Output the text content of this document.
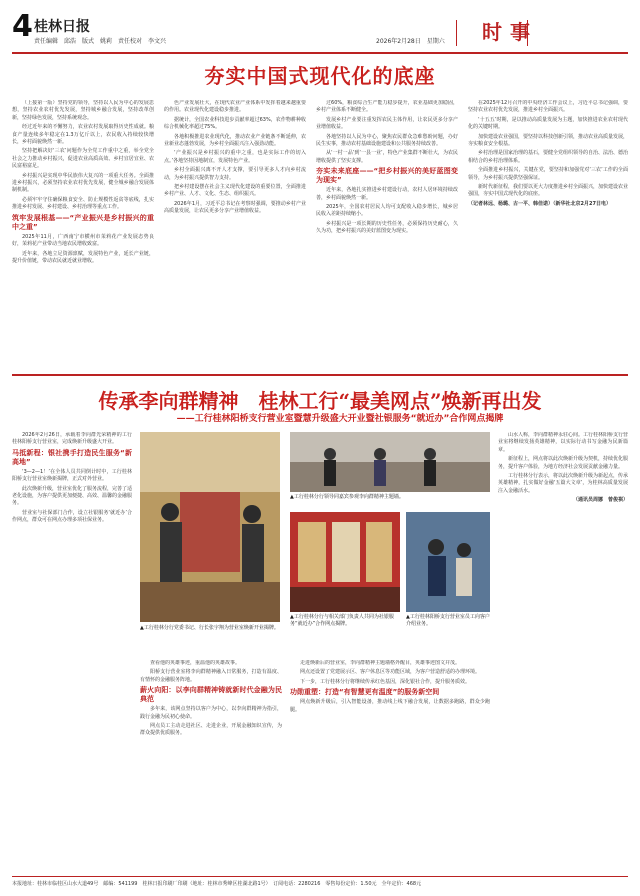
4 桂林日报
责任编辑　邱浩　版式　姚莉　责任校对　李文兴	2026年2月28日　星期六 时事
夯实中国式现代化的底座

（上接第一版）坚持党的领导，坚持以人民为中心的发展思想，坚持农业农村优先发展，坚持城乡融合发展，坚持改革创新，坚持绿色发展，坚持系统观念。

经过近年来的不懈努力，农业农村发展取得历史性成就。粮食产量连续多年稳定在1.3万亿斤以上，农民收入持续较快增长，乡村面貌焕然一新。

坚持把解决好‘三农’问题作为全党工作重中之重，举全党全社会之力推动乡村振兴，促进农业高质高效、乡村宜居宜业、农民富裕富足。

乡村振兴是实现中华民族伟大复兴的一项重大任务。全面推进乡村振兴，必须坚持农业农村优先发展，健全城乡融合发展体制机制。

必须牢牢守住确保粮食安全、防止规模性返贫等底线，扎实推进乡村发展、乡村建设、乡村治理等重点工作。

筑牢发展根基——“产业振兴是乡村振兴的重中之重”

2025年11月，广西南宁市横州市茉莉花产业发展态势良好，茉莉花产业带动当地农民增收致富。

近年来，各地立足资源禀赋，发展特色产业，延长产业链，提升价值链，带动农民就近就业增收。

色产业发展壮大，在现代农业产业体系中发挥着越来越重要的作用。农业现代化建设稳步推进。

据统计，全国农业科技进步贡献率超过63%，农作物耕种收综合机械化率超过75%。

各地积极推进农业现代化，推动农业产业链条不断延伸，农业新业态蓬勃发展，为乡村全面振兴注入强劲动能。

‘产业振兴是乡村振兴的重中之重，也是实际工作的切入点。’各地坚持因地制宜，发展特色产业。

乡村全面振兴离不开人才支撑，要引导更多人才向乡村流动，为乡村振兴提供智力支持。

把乡村建设摆在社会主义现代化建设的重要位置，全面推进乡村产业、人才、文化、生态、组织振兴。

2026年1月，习近平总书记在考察时强调，要推动乡村产业高质量发展，让农民更多分享产业增值收益。

过60%，粮食综合生产能力稳步提升，农业基础更加稳固，乡村产业体系不断健全。

发展乡村产业要注重发挥农民主体作用，让农民更多分享产业增值收益。

各地坚持以人民为中心，聚焦农民群众急难愁盼问题，办好民生实事，推动农村基础设施建设和公共服务持续改善。

从‘一村一品’到‘一县一业’，特色产业集群不断壮大，为农民增收提供了坚实支撑。

夯实未来底座——“把乡村振兴的美好蓝图变为现实”

近年来，各地扎实推进乡村建设行动，农村人居环境持续改善，乡村面貌焕然一新。

2025年，全国农村居民人均可支配收入稳步增长，城乡居民收入差距持续缩小。

乡村振兴是一项长期的历史性任务，必须保持历史耐心，久久为功，把乡村振兴的美好蓝图变为现实。

在2025年12月召开的中央经济工作会议上，习近平总书记强调，要坚持农业农村优先发展，推进乡村全面振兴。

‘十五五’时期，是以推动高质量发展为主题，加快推进农业农村现代化的关键时期。

加快建设农业强国，要坚持以科技创新引领，推动农业高质量发展，夯实粮食安全根基。

乡村治理是国家治理的基石，要健全党组织领导的自治、法治、德治相结合的乡村治理体系。

全面推进乡村振兴，关键在党，要坚持和加强党对‘三农’工作的全面领导，为乡村振兴提供坚强保证。

新时代新征程，我们要以更大力度推进乡村全面振兴，加快建设农业强国，夯实中国式现代化的底座。

（记者林远、杨璐、古一平、韩佳诺）（新华社北京2月27日电）

传承李向群精神　桂林工行“最美网点”焕新再出发
——工行桂林阳桥支行营业室暨慧升级盛大开业暨社银服务“就近办”合作网点揭牌

2026年2月26日，承载着李向群光荣精神的工行桂林阳桥支行营业室，完成焕新升级盛大开业。

马抵新程：银社携手打造民生服务“新高地”

‘3—2—1！’在全体人员共同倒计时中，工行桂林阳桥支行营业室焕新揭牌，正式对外营业。

此次焕新升级，营业室优化了服务流程，完善了适老化设施，为客户提供更加便捷、高效、温馨的金融服务。

营业室与社保部门合作，设立社银服务‘就近办’合作网点，群众可在网点办理多项社保业务。

▲工行桂林分行党委书记、行长张宇翔为营业室焕新开业揭牌。
▲工行桂林分行领导同嘉宾参观李向群精神主题墙。
▲工行桂林阳桥支行营业室员工向客户介绍业务。
▲工行桂林分行与相关部门负责人共同为社银服务“就近办”合作网点揭牌。

查看他的英雄事迹，重温他的英雄故事。

阳桥支行营业室将李向群精神融入日常服务，打造有温度、有情怀的金融服务阵地。

薪火向阳：以李向群精神铸就新时代金融为民典范

多年来，该网点坚持以客户为中心，以李向群精神为指引，践行金融为民初心使命。

网点员工主动走进社区、走进企业，开展金融知识宣传，为群众提供优质服务。

走进焕新后的营业室，李向群精神主题墙格外醒目，英雄事迹图文并茂。

网点还设置了党建展示区、客户休息区等功能区域，为客户营造舒适的办理环境。

下一步，工行桂林分行将继续传承红色基因，深化银社合作，提升服务质效。

功勋重塑：打造“有智慧更有温度”的服务新空间

网点焕新升级后，引入智能设备，推动线上线下融合发展，让数据多跑路，群众少跑腿。

山水人称，李向群精神永驻心间。工行桂林阳桥支行营业室将继续发扬英雄精神，以实际行动书写金融为民新篇章。

新征程上，网点将以此次焕新升级为契机，持续优化服务，提升客户体验，为地方经济社会发展贡献金融力量。

工行桂林分行表示，将以此次焕新升级为新起点，传承英雄精神，扎实做好金融‘五篇大文章’，为桂林高质量发展注入金融活水。

（通讯员周娜　曾俊祺）

本报地址：桂林市临桂区山水大道49号　邮编：541199　桂林日报印刷厂印刷（地址：桂林市秀峰区桂湖北路1号）　订阅电话：2280216　零售每份定价：1.50元　全年定价：468元
